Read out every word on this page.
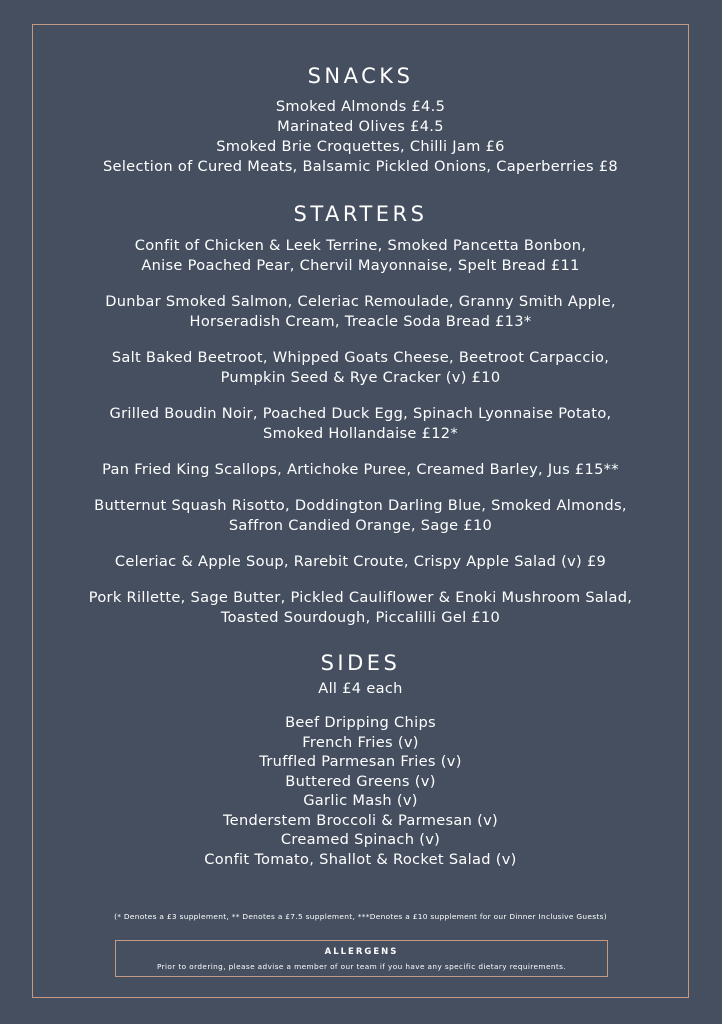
SNACKS
Smoked Almonds £4.5
Marinated Olives £4.5
Smoked Brie Croquettes, Chilli Jam £6
Selection of Cured Meats, Balsamic Pickled Onions, Caperberries £8
STARTERS
Confit of Chicken & Leek Terrine, Smoked Pancetta Bonbon,
Anise Poached Pear, Chervil Mayonnaise, Spelt Bread £11
Dunbar Smoked Salmon, Celeriac Remoulade, Granny Smith Apple,
Horseradish Cream, Treacle Soda Bread £13*
Salt Baked Beetroot, Whipped Goats Cheese, Beetroot Carpaccio,
Pumpkin Seed & Rye Cracker (v) £10
Grilled Boudin Noir, Poached Duck Egg, Spinach Lyonnaise Potato,
Smoked Hollandaise £12*
Pan Fried King Scallops, Artichoke Puree, Creamed Barley, Jus £15**
Butternut Squash Risotto, Doddington Darling Blue, Smoked Almonds,
Saffron Candied Orange, Sage £10
Celeriac & Apple Soup, Rarebit Croute, Crispy Apple Salad (v) £9
Pork Rillette, Sage Butter, Pickled Cauliflower & Enoki Mushroom Salad,
Toasted Sourdough, Piccalilli Gel £10
SIDES
All £4 each
Beef Dripping Chips
French Fries (v)
Truffled Parmesan Fries (v)
Buttered Greens (v)
Garlic Mash (v)
Tenderstem Broccoli & Parmesan (v)
Creamed Spinach (v)
Confit Tomato, Shallot & Rocket Salad (v)
(* Denotes a £3 supplement, ** Denotes a £7.5 supplement, ***Denotes a £10 supplement for our Dinner Inclusive Guests)
ALLERGENS
Prior to ordering, please advise a member of our team if you have any specific dietary requirements.
